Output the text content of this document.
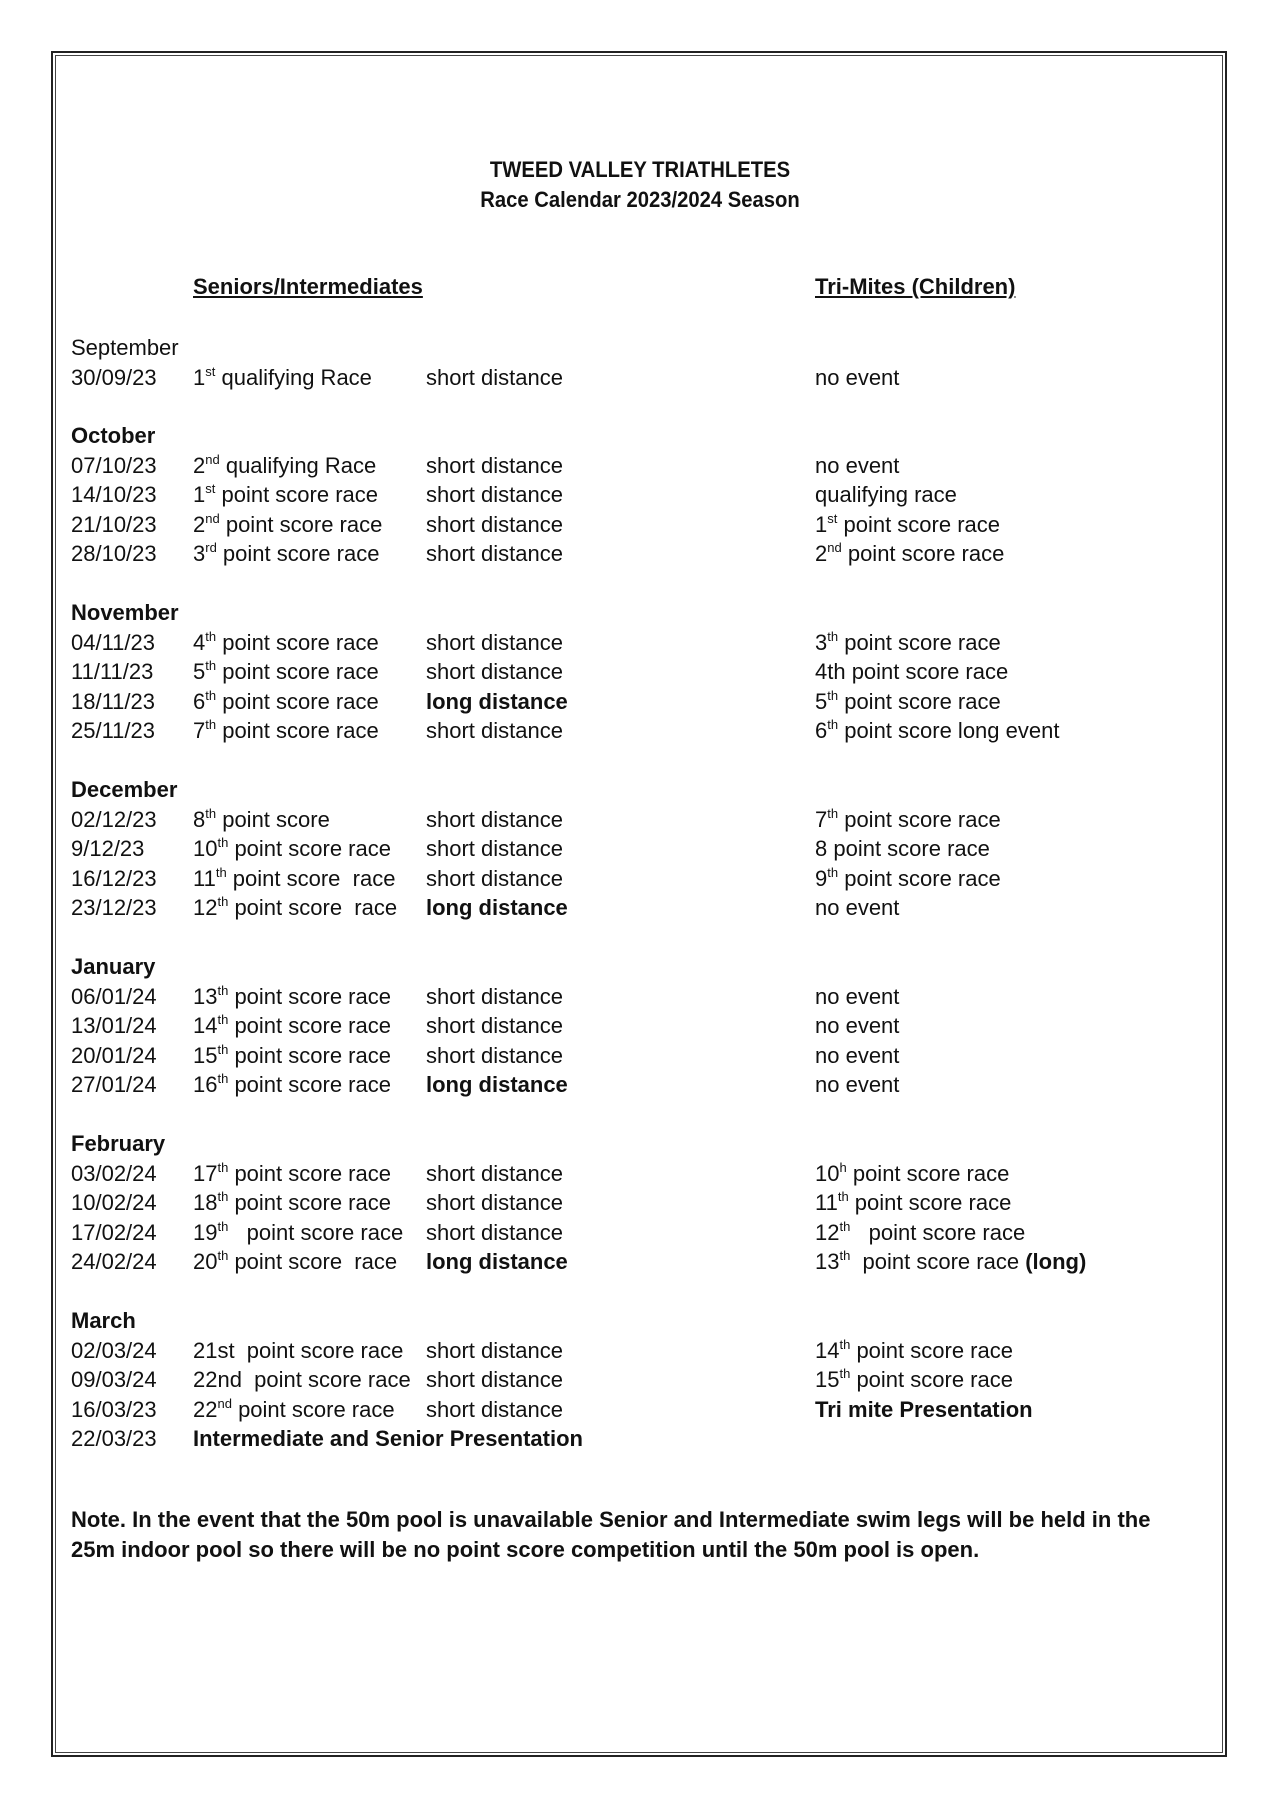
TWEED VALLEY TRIATHLETES
Race Calendar 2023/2024 Season
Seniors/Intermediates	Tri-Mites (Children)
September
30/09/23 1st qualifying Race short distance	no event
October
07/10/23 2nd qualifying Race short distance	no event
14/10/23 1st point score race short distance	qualifying race
21/10/23 2nd point score race short distance	1st point score race
28/10/23 3rd point score race short distance	2nd point score race
November
04/11/23 4th point score race short distance	3th point score race
11/11/23 5th point score race short distance	4th point score race
18/11/23 6th point score race long distance	5th point score race
25/11/23 7th point score race short distance	6th point score long event
December
02/12/23 8th point score	short distance	7th point score race
9/12/23 10th point score race short distance	8 point score race
16/12/23 11th point score  race short distance	9th point score race
23/12/23 12th point score  race long distance	no event
January
06/01/24 13th point score race short distance	no event
13/01/24 14th point score race short distance	no event
20/01/24 15th point score race short distance	no event
27/01/24 16th point score race long distance	no event
February
03/02/24 17th point score race short distance	10$^h$ point score race
10/02/24 18th point score race short distance	11th point score race
17/02/24 19th   point score race short distance	12th   point score race
24/02/24 20th point score  race long distance	13th  point score race (long)
March
02/03/24 21st  point score race short distance	14th point score race
09/03/24 22nd  point score race short distance	15th point score race
16/03/23 22nd point score race short distance	Tri mite Presentation
22/03/23 Intermediate and Senior Presentation
Note. In the event that the 50m pool is unavailable Senior and Intermediate swim legs will be held in the 25m indoor pool so there will be no point score competition until the 50m pool is open.
